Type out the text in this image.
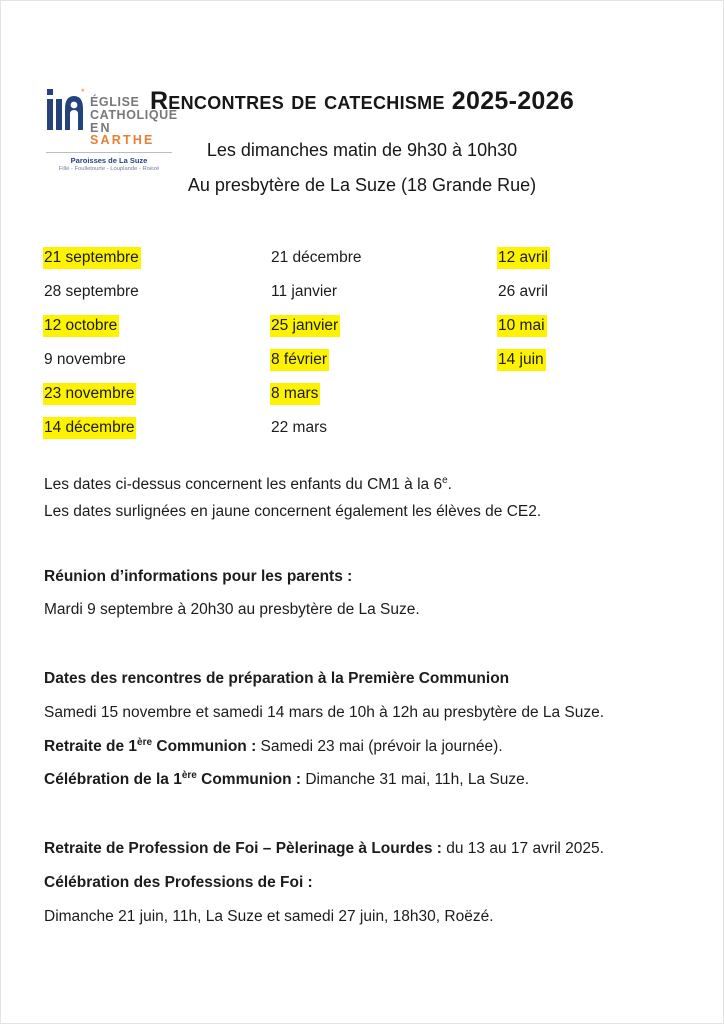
*
ÉGLISE
CATHOLIQUE
EN SARTHE
Paroisses de La Suze
Fillé - Foulletourte - Louplande - Roëzé
Rencontres de catechisme 2025-2026
Les dimanches matin de 9h30 à 10h30
Au presbytère de La Suze (18 Grande Rue)
21 septembre
28 septembre
12 octobre
9 novembre
23 novembre
14 décembre
21 décembre
11 janvier
25 janvier
8 février
8 mars
22 mars
12 avril
26 avril
10 mai
14 juin
Les dates ci-dessus concernent les enfants du CM1 à la 6e.
Les dates surlignées en jaune concernent également les élèves de CE2.
Réunion d’informations pour les parents :
Mardi 9 septembre à 20h30 au presbytère de La Suze.
Dates des rencontres de préparation à la Première Communion
Samedi 15 novembre et samedi 14 mars de 10h à 12h au presbytère de La Suze.
Retraite de 1ère Communion : Samedi 23 mai (prévoir la journée).
Célébration de la 1ère Communion : Dimanche 31 mai, 11h, La Suze.
Retraite de Profession de Foi – Pèlerinage à Lourdes : du 13 au 17 avril 2025.
Célébration des Professions de Foi :
Dimanche 21 juin, 11h, La Suze et samedi 27 juin, 18h30, Roëzé.
